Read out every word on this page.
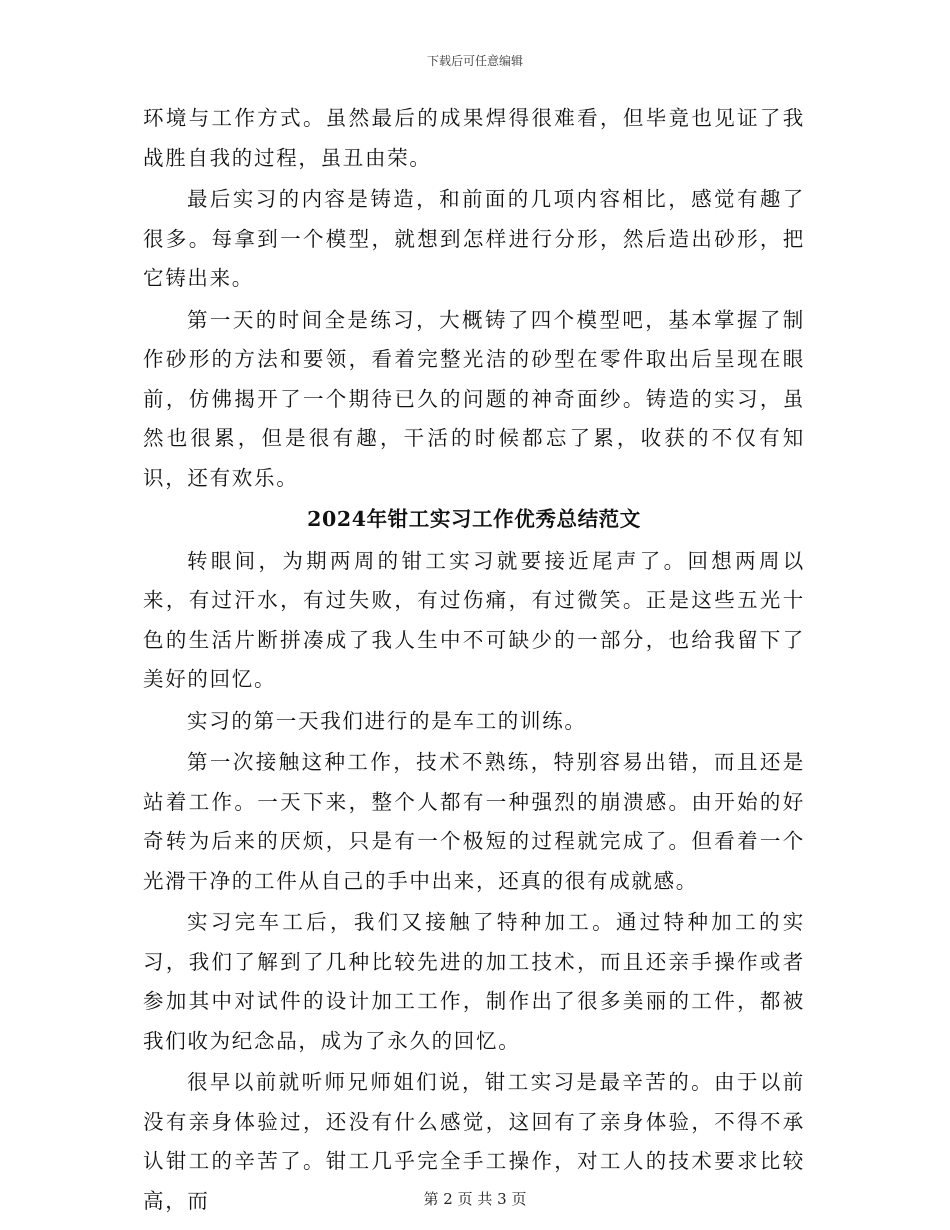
下载后可任意编辑

环境与工作方式。虽然最后的成果焊得很难看，但毕竟也见证了我战胜自我的过程，虽丑由荣。

最后实习的内容是铸造，和前面的几项内容相比，感觉有趣了很多。每拿到一个模型，就想到怎样进行分形，然后造出砂形，把它铸出来。

第一天的时间全是练习，大概铸了四个模型吧，基本掌握了制作砂形的方法和要领，看着完整光洁的砂型在零件取出后呈现在眼前，仿佛揭开了一个期待已久的问题的神奇面纱。铸造的实习，虽然也很累，但是很有趣，干活的时候都忘了累，收获的不仅有知识，还有欢乐。

2024年钳工实习工作优秀总结范文

转眼间，为期两周的钳工实习就要接近尾声了。回想两周以来，有过汗水，有过失败，有过伤痛，有过微笑。正是这些五光十色的生活片断拼凑成了我人生中不可缺少的一部分，也给我留下了美好的回忆。

实习的第一天我们进行的是车工的训练。

第一次接触这种工作，技术不熟练，特别容易出错，而且还是站着工作。一天下来，整个人都有一种强烈的崩溃感。由开始的好奇转为后来的厌烦，只是有一个极短的过程就完成了。但看着一个光滑干净的工件从自己的手中出来，还真的很有成就感。

实习完车工后，我们又接触了特种加工。通过特种加工的实习，我们了解到了几种比较先进的加工技术，而且还亲手操作或者参加其中对试件的设计加工工作，制作出了很多美丽的工件，都被我们收为纪念品，成为了永久的回忆。

很早以前就听师兄师姐们说，钳工实习是最辛苦的。由于以前没有亲身体验过，还没有什么感觉，这回有了亲身体验，不得不承认钳工的辛苦了。钳工几乎完全手工操作，对工人的技术要求比较高，而	第 2 页 共 3 页
